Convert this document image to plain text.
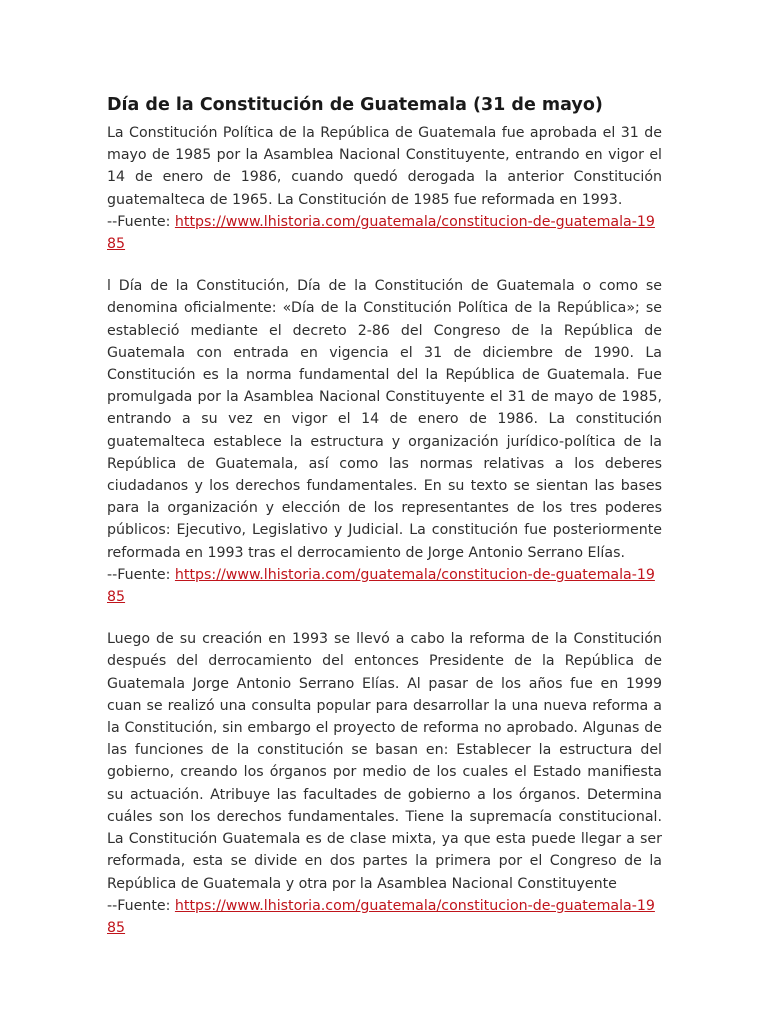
Día de la Constitución de Guatemala (31 de mayo)

La Constitución Política de la República de Guatemala fue aprobada el 31 de mayo de 1985 por la Asamblea Nacional Constituyente, entrando en vigor el 14 de enero de 1986, cuando quedó derogada la anterior Constitución guatemalteca de 1965. La Constitución de 1985 fue reformada en 1993.

--Fuente: https://www.lhistoria.com/guatemala/constitucion-de-guatemala-1985

l Día de la Constitución, Día de la Constitución de Guatemala o como se denomina oficialmente: «Día de la Constitución Política de la República»; se estableció mediante el decreto 2-86 del Congreso de la República de Guatemala con entrada en vigencia el 31 de diciembre de 1990. La Constitución es la norma fundamental del la República de Guatemala. Fue promulgada por la Asamblea Nacional Constituyente el 31 de mayo de 1985, entrando a su vez en vigor el 14 de enero de 1986. La constitución guatemalteca establece la estructura y organización jurídico-política de la República de Guatemala, así como las normas relativas a los deberes ciudadanos y los derechos fundamentales. En su texto se sientan las bases para la organización y elección de los representantes de los tres poderes públicos: Ejecutivo, Legislativo y Judicial. La constitución fue posteriormente reformada en 1993 tras el derrocamiento de Jorge Antonio Serrano Elías.

--Fuente: https://www.lhistoria.com/guatemala/constitucion-de-guatemala-1985

Luego de su creación en 1993 se llevó a cabo la reforma de la Constitución después del derrocamiento del entonces Presidente de la República de Guatemala Jorge Antonio Serrano Elías. Al pasar de los años fue en 1999 cuan se realizó una consulta popular para desarrollar la una nueva reforma a la Constitución, sin embargo el proyecto de reforma no aprobado. Algunas de las funciones de la constitución se basan en: Establecer la estructura del gobierno, creando los órganos por medio de los cuales el Estado manifiesta su actuación. Atribuye las facultades de gobierno a los órganos. Determina cuáles son los derechos fundamentales. Tiene la supremacía constitucional. La Constitución Guatemala es de clase mixta, ya que esta puede llegar a ser reformada, esta se divide en dos partes la primera por el Congreso de la República de Guatemala y otra por la Asamblea Nacional Constituyente

--Fuente: https://www.lhistoria.com/guatemala/constitucion-de-guatemala-1985
